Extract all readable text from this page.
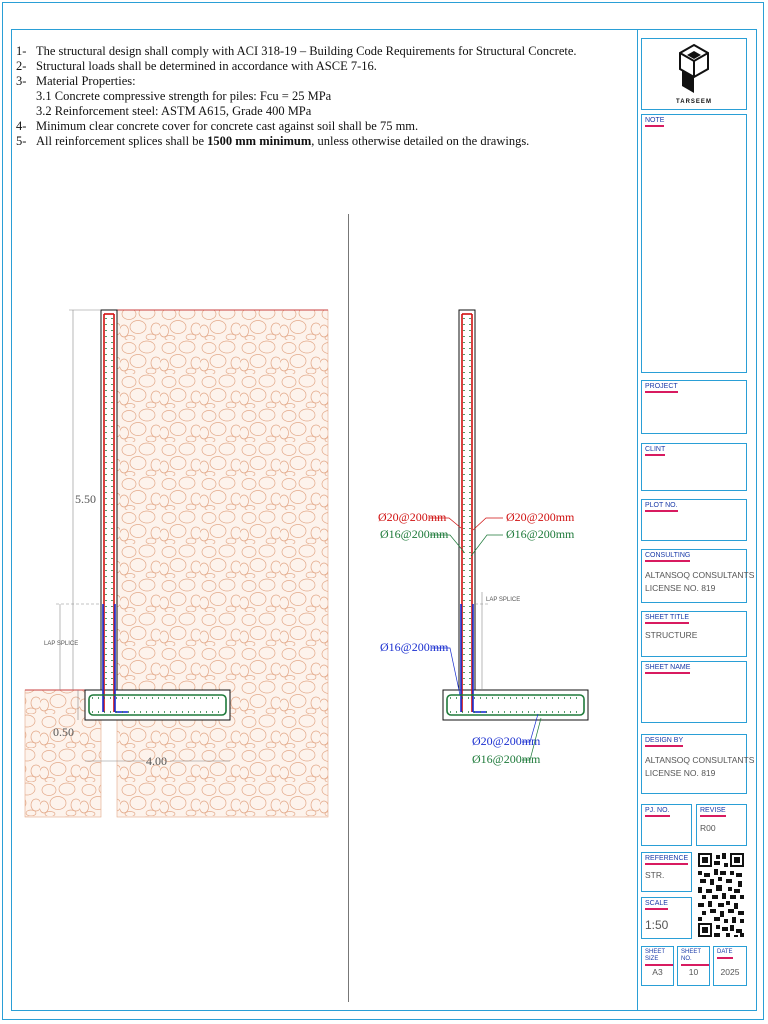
1- The structural design shall comply with ACI 318-19 – Building Code Requirements for Structural Concrete.
2- Structural loads shall be determined in accordance with ASCE 7-16.
3- Material Properties:
3.1 Concrete compressive strength for piles: Fcu = 25 MPa
3.2 Reinforcement steel: ASTM A615, Grade 400 MPa
4- Minimum clear concrete cover for concrete cast against soil shall be 75 mm.
5- All reinforcement splices shall be 1500 mm minimum, unless otherwise detailed on the drawings.
5.50
LAP SPLICE
0.50
4.00
Ø20@200mm
Ø16@200mm
Ø20@200mm
Ø16@200mm
LAP SPLICE
Ø16@200mm
Ø20@200mm
Ø16@200mm
TARSEEM
NOTE
PROJECT
CLINT
PLOT NO.
CONSULTING
ALTANSOQ CONSULTANTS
LICENSE NO. 819
SHEET TITLE
STRUCTURE
SHEET NAME
DESIGN BY
ALTANSOQ CONSULTANTS
LICENSE NO. 819
PJ. NO.	REVISE
R00
REFERENCE
STR.
SCALE
1:50
SHEET SIZE
A3
SHEET NO.
10
DATE
2025
